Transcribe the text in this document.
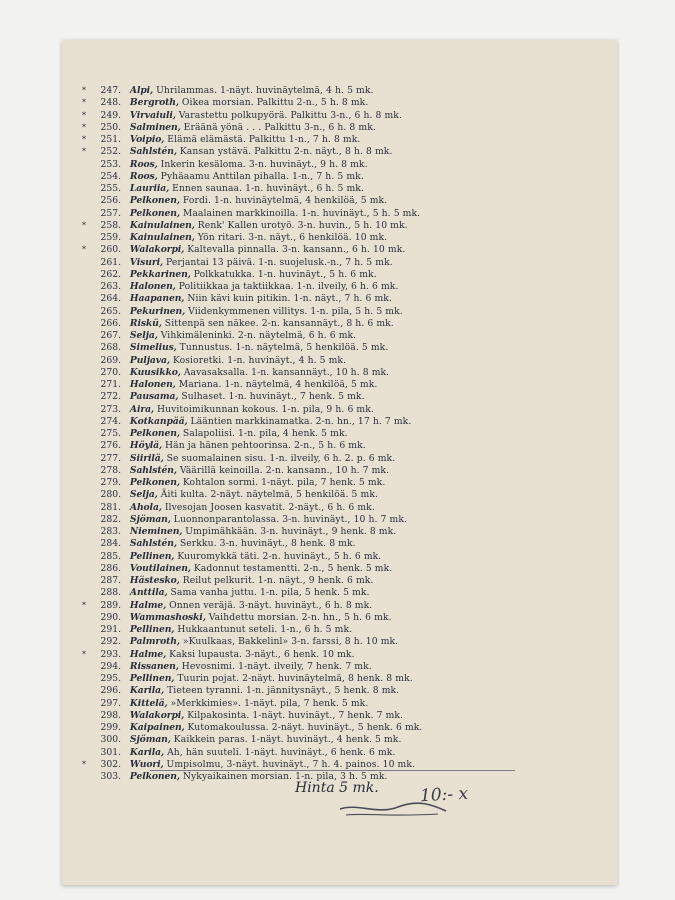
* 247. Alpi, Uhrilammas. 1-näyt. huvinäytelmä, 4 h. 5 mk.
* 248. Bergroth, Oikea morsian. Palkittu 2-n., 5 h. 8 mk.
* 249. Virvaiuli, Varastettu polkupyörä. Palkittu 3-n., 6 h. 8 mk.
* 250. Salminen, Eräänä yönä . . . Palkittu 3-n., 6 h. 8 mk.
* 251. Voipio, Elämä elämästä. Palkittu 1-n., 7 h. 8 mk.
* 252. Sahlstén, Kansan ystävä. Palkittu 2-n. näyt., 8 h. 8 mk.
253. Roos, Inkerin kesäloma. 3-n. huvinäyt., 9 h. 8 mk.
254. Roos, Pyhäaamu Anttilan pihalla. 1-n., 7 h. 5 mk.
255. Lauriia, Ennen saunaa. 1-n. huvinäyt., 6 h. 5 mk.
256. Pelkonen, Fordi. 1-n. huvinäytelmä, 4 henkilöä, 5 mk.
257. Pelkonen, Maalainen markkinoilla. 1-n. huvinäyt., 5 h. 5 mk.
* 258. Kainulainen, Renk' Kallen urotyö. 3-n. huvin., 5 h. 10 mk.
259. Kainulainen, Yön ritari. 3-n. näyt., 6 henkilöä. 10 mk.
* 260. Walakorpi, Kaltevalla pinnalla. 3-n. kansann., 6 h. 10 mk.
261. Visuri, Perjantai 13 päivä. 1-n. suojelusk.-n., 7 h. 5 mk.
262. Pekkarinen, Polkkatukka. 1-n. huvinäyt., 5 h. 6 mk.
263. Halonen, Politiikkaa ja taktiikkaa. 1-n. ilveily, 6 h. 6 mk.
264. Haapanen, Niin kävi kuin pitikin. 1-n. näyt., 7 h. 6 mk.
265. Pekurinen, Viidenkymmenen villitys. 1-n. pila, 5 h. 5 mk.
266. Riskü, Sittenpä sen näkee. 2-n. kansannäyt., 8 h. 6 mk.
267. Selja, Vihkimäleninki. 2-n. näytelmä, 6 h. 6 mk.
268. Simelius, Tunnustus. 1-n. näytelmä, 5 henkilöä. 5 mk.
269. Puljava, Kosioretki. 1-n. huvinäyt., 4 h. 5 mk.
270. Kuusikko, Aavasaksalla. 1-n. kansannäyt., 10 h. 8 mk.
271. Halonen, Mariana. 1-n. näytelmä, 4 henkilöä, 5 mk.
272. Pausama, Sulhaset. 1-n. huvinäyt., 7 henk. 5 mk.
273. Aira, Huvitoimikunnan kokous. 1-n. pila, 9 h. 6 mk.
274. Kotkanpää, Lääntien markkinamatka. 2-n. hn., 17 h. 7 mk.
275. Pelkonen, Salapoliisi. 1-n. pila, 4 henk. 5 mk.
276. Höylä, Hän ja hänen pehtoorinsa. 2-n., 5 h. 6 mk.
277. Siirilä, Se suomalainen sisu. 1-n. ilveily, 6 h. 2. p. 6 mk.
278. Sahlstén, Väärillä keinoilla. 2-n. kansann., 10 h. 7 mk.
279. Pelkonen, Kohtalon sormi. 1-näyt. pila, 7 henk. 5 mk.
280. Selja, Äiti kulta. 2-näyt. näytelmä, 5 henkilöä. 5 mk.
281. Ahola, Ilvesojan Joosen kasvatit. 2-näyt., 6 h. 6 mk.
282. Sjöman, Luonnonparantolassa. 3-n. huvinäyt., 10 h. 7 mk.
283. Nieminen, Umpimähkään. 3-n. huvinäyt., 9 henk. 8 mk.
284. Sahlstén, Serkku. 3-n. huvinäyt., 8 henk. 8 mk.
285. Pellinen, Kuuromykkä täti. 2-n. huvinäyt., 5 h. 6 mk.
286. Voutilainen, Kadonnut testamentti. 2-n., 5 henk. 5 mk.
287. Hästesko, Reilut pelkurit. 1-n. näyt., 9 henk. 6 mk.
288. Anttila, Sama vanha juttu. 1-n. pila, 5 henk. 5 mk.
* 289. Halme, Onnen veräjä. 3-näyt. huvinäyt., 6 h. 8 mk.
290. Wammashoski, Vaihdettu morsian. 2-n. hn., 5 h. 6 mk.
291. Pellinen, Hukkaantunut seteli. 1-n., 6 h. 5 mk.
292. Palmroth, »Kuulkaas, Bakkelinl» 3-n. farssi, 8 h. 10 mk.
* 293. Halme, Kaksi lupausta. 3-näyt., 6 henk. 10 mk.
294. Rissanen, Hevosnimi. 1-näyt. ilveily, 7 henk. 7 mk.
295. Pellinen, Tuurin pojat. 2-näyt. huvinäytelmä, 8 henk. 8 mk.
296. Karila, Tieteen tyranni. 1-n. jännitysnäyt., 5 henk. 8 mk.
297. Kittelä, »Merkkimies». 1-näyt. pila, 7 henk. 5 mk.
298. Walakorpi, Kilpakosinta. 1-näyt. huvinäyt., 7 henk. 7 mk.
299. Kaipainen, Kutomakoulussa. 2-näyt. huvinäyt., 5 henk. 6 mk.
300. Sjöman, Kaikkein paras. 1-näyt. huvinäyt., 4 henk. 5 mk.
301. Karila, Ah, hän suuteli. 1-näyt. huvinäyt., 6 henk. 6 mk.
* 302. Wuori, Umpisolmu, 3-näyt. huvinäyt., 7 h. 4. painos. 10 mk.
303. Pelkonen, Nykyaikainen morsian. 1-n. pila, 3 h. 5 mk.
Hinta 5 mk. 10:- x
